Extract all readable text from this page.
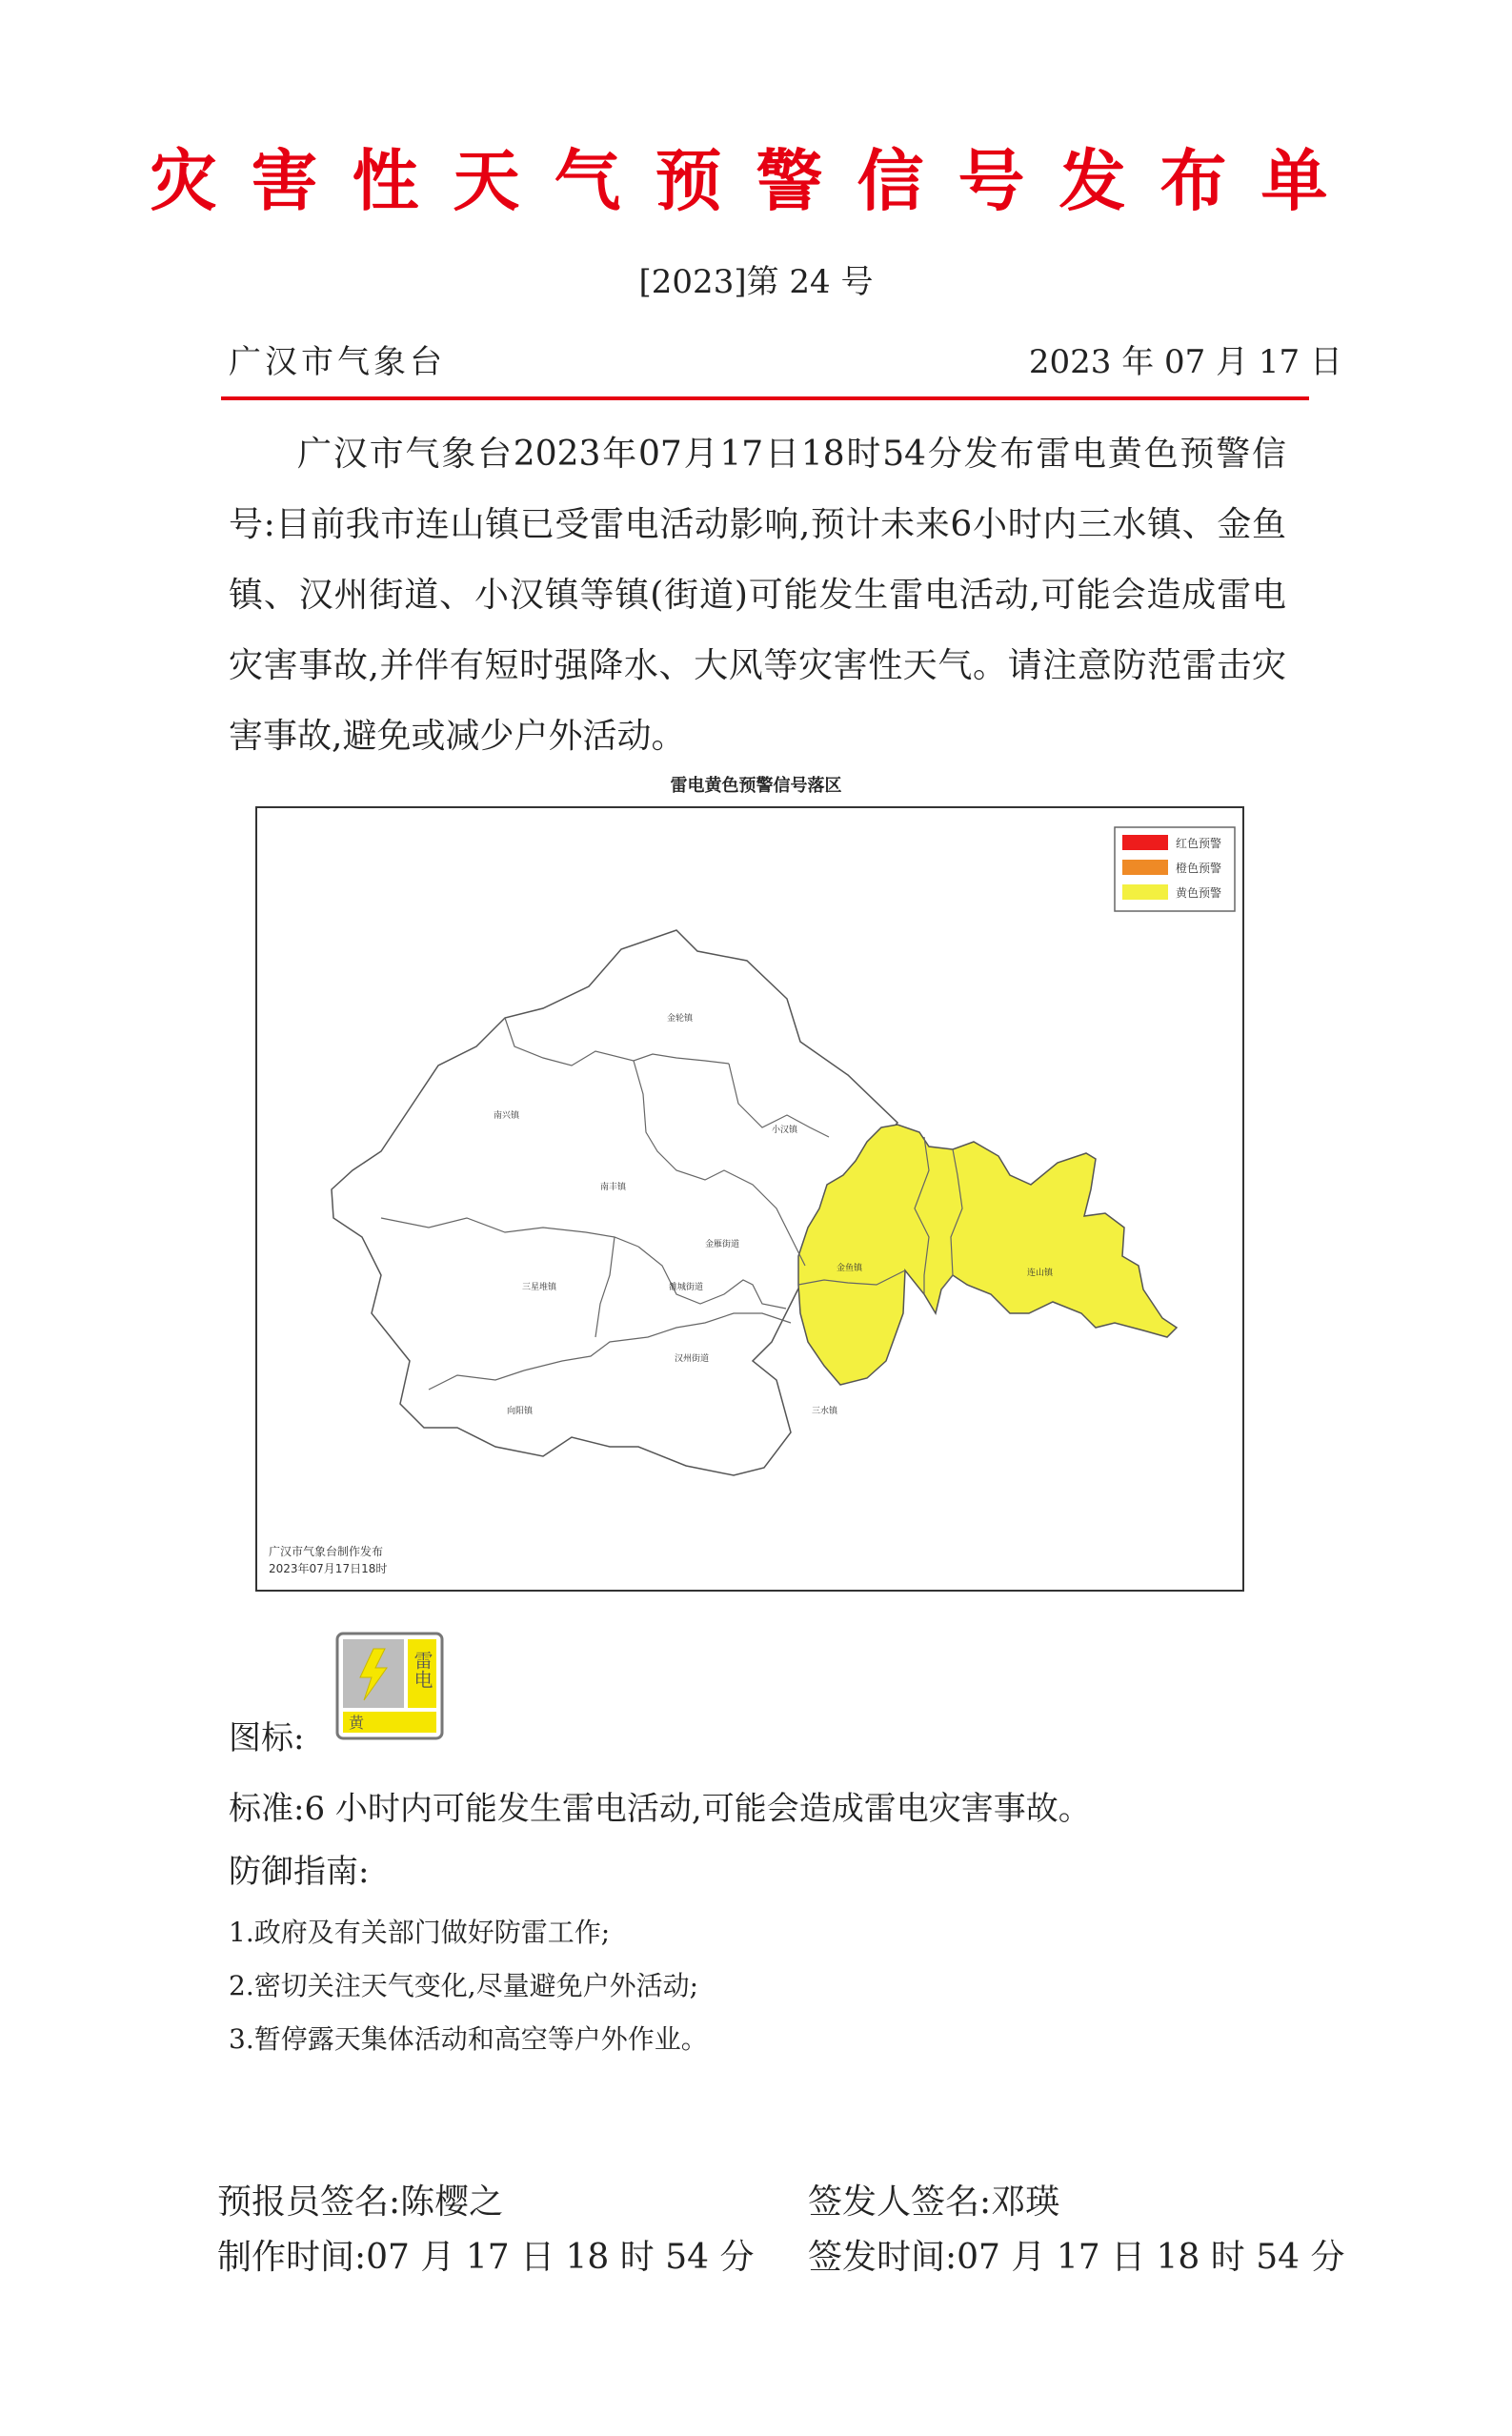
灾害性天气预警信号发布单
[2023]第 24 号
广汉市气象台	2023 年 07 月 17 日
广汉市气象台2023年07月17日18时54分发布雷电黄色预警信号:目前我市连山镇已受雷电活动影响,预计未来6小时内三水镇、金鱼镇、汉州街道、小汉镇等镇(街道)可能发生雷电活动,可能会造成雷电灾害事故,并伴有短时强降水、大风等灾害性天气。请注意防范雷击灾害事故,避免或减少户外活动。
雷电黄色预警信号落区
红色预警
橙色预警
黄色预警
金轮镇
南兴镇
小汉镇
南丰镇
金雁街道
三星堆镇	雒城街道
金鱼镇	连山镇
汉州街道
向阳镇	三水镇
广汉市气象台制作发布
2023年07月17日18时
图标:
雷电
黄
标准:6 小时内可能发生雷电活动,可能会造成雷电灾害事故。
防御指南:
1.政府及有关部门做好防雷工作;
2.密切关注天气变化,尽量避免户外活动;
3.暂停露天集体活动和高空等户外作业。
预报员签名:陈樱之	签发人签名:邓瑛
制作时间:07 月 17 日 18 时 54 分 签发时间:07 月 17 日 18 时 54 分
